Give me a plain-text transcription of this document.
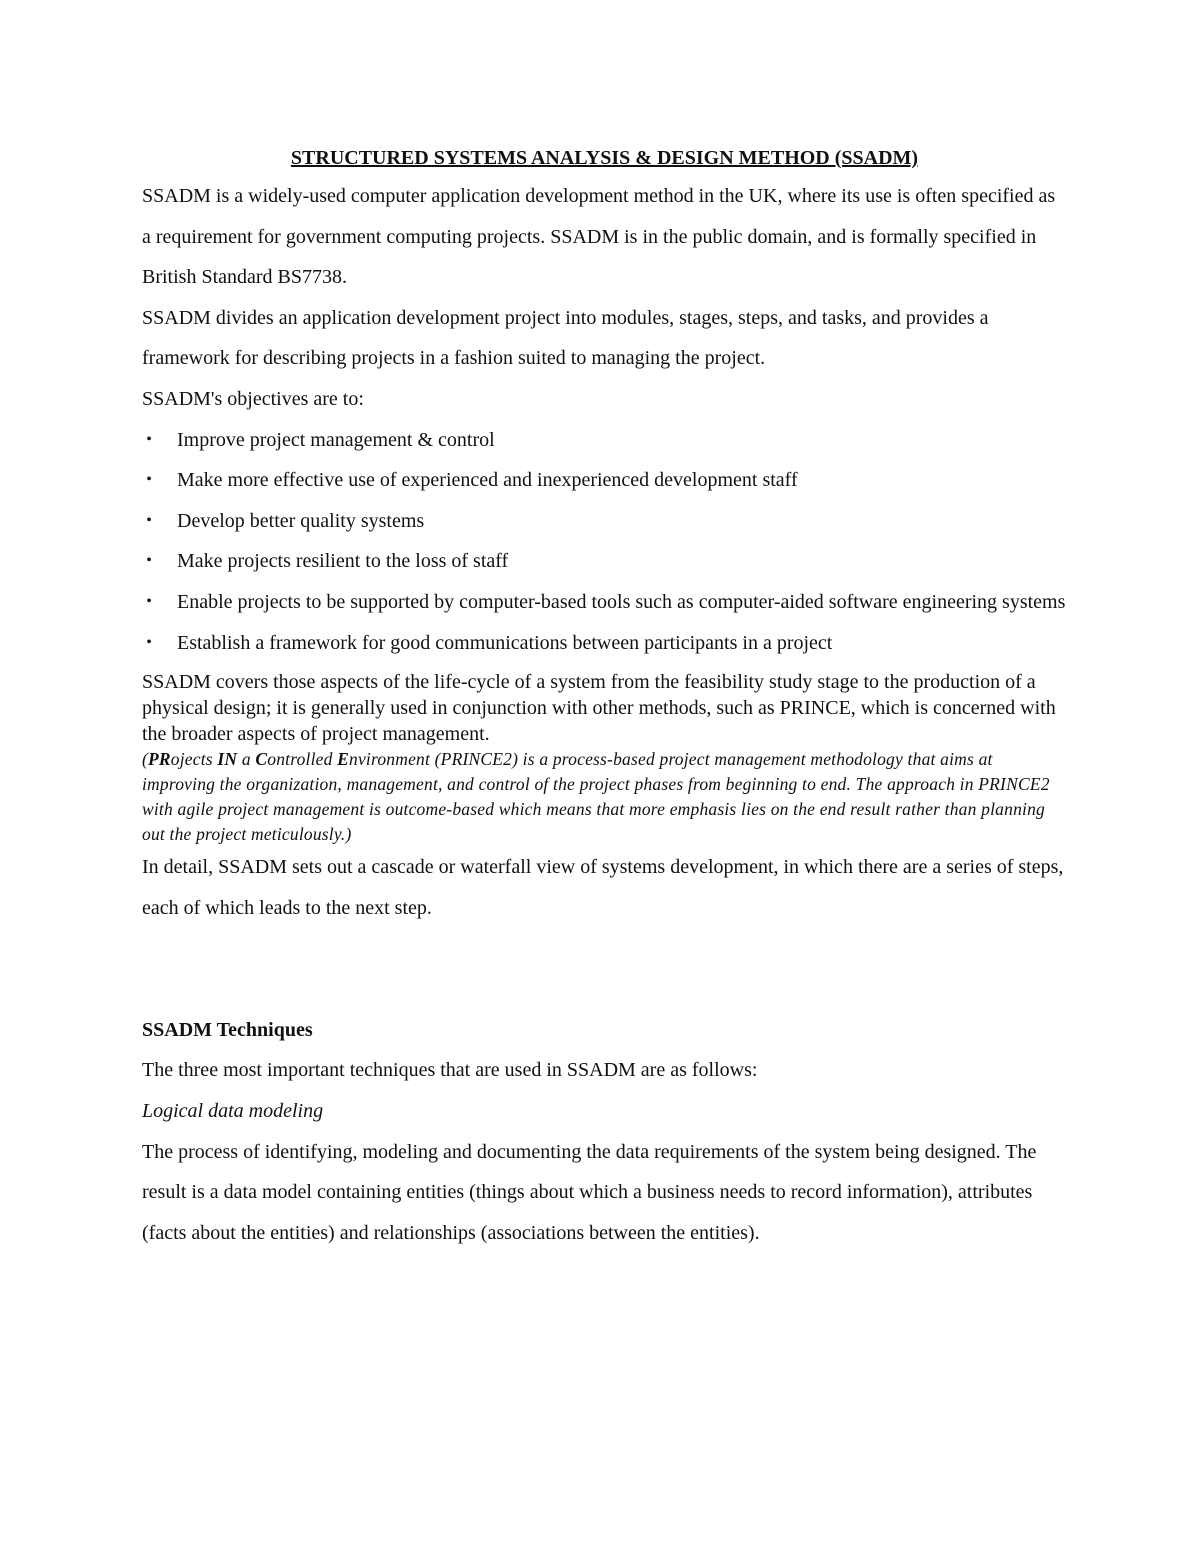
STRUCTURED SYSTEMS ANALYSIS & DESIGN METHOD (SSADM)

SSADM is a widely-used computer application development method in the UK, where its use is often specified as a requirement for government computing projects. SSADM is in the public domain, and is formally specified in British Standard BS7738.

SSADM divides an application development project into modules, stages, steps, and tasks, and provides a framework for describing projects in a fashion suited to managing the project.

SSADM's objectives are to:

• Improve project management & control
• Make more effective use of experienced and inexperienced development staff
• Develop better quality systems
• Make projects resilient to the loss of staff
• Enable projects to be supported by computer-based tools such as computer-aided software engineering systems
• Establish a framework for good communications between participants in a project

SSADM covers those aspects of the life-cycle of a system from the feasibility study stage to the production of a physical design; it is generally used in conjunction with other methods, such as PRINCE, which is concerned with the broader aspects of project management.

(PRojects IN a Controlled Environment (PRINCE2) is a process-based project management methodology that aims at improving the organization, management, and control of the project phases from beginning to end. The approach in PRINCE2 with agile project management is outcome-based which means that more emphasis lies on the end result rather than planning out the project meticulously.)

In detail, SSADM sets out a cascade or waterfall view of systems development, in which there are a series of steps, each of which leads to the next step.

SSADM Techniques

The three most important techniques that are used in SSADM are as follows:

Logical data modeling

The process of identifying, modeling and documenting the data requirements of the system being designed. The result is a data model containing entities (things about which a business needs to record information), attributes (facts about the entities) and relationships (associations between the entities).
